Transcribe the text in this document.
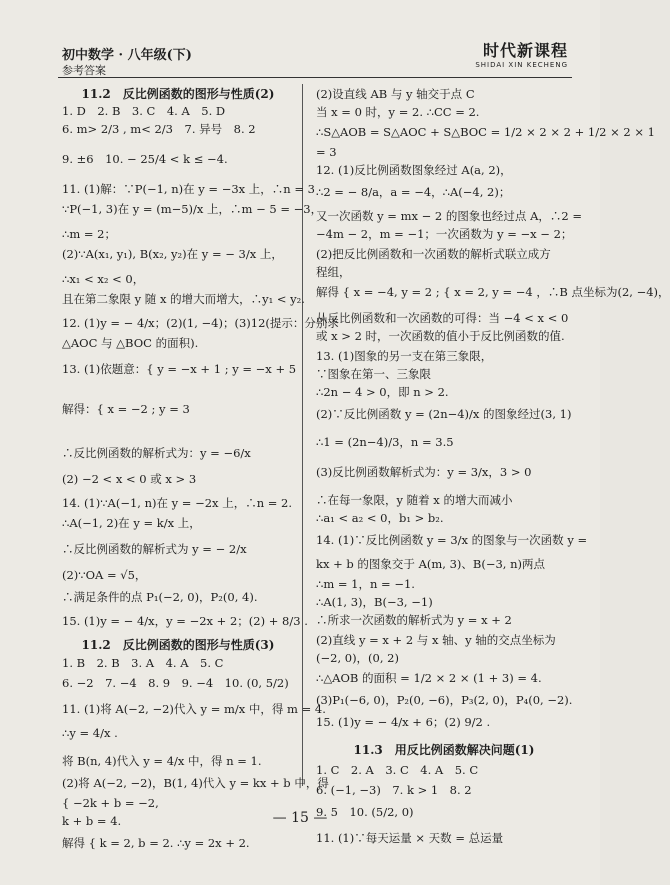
初中数学 · 八年级(下)
参考答案
时代新课程
SHIDAI XIN KECHENG
11.2　反比例函数的图形与性质(2)
1. D　2. B　3. C　4. A　5. D
6. m> 2/3 , m< 2/3　7. 异号　8. 2
9. ±6　10. − 25/4 < k ≤ −4.
11. (1)解：∵P(−1, n)在 y = −3x 上，∴n = 3
∵P(−1, 3)在 y = (m−5)/x 上，∴m − 5 = −3，
∴m = 2；
(2)∵A(x₁, y₁), B(x₂, y₂)在 y = − 3/x 上，
∴x₁ < x₂ < 0，
且在第二象限 y 随 x 的增大而增大，∴y₁ < y₂.
12. (1)y = − 4/x；(2)(1, −4)；(3)12(提示：分别求
△AOC 与 △BOC 的面积).
13. (1)依题意：{ y = −x + 1 ; y = −x + 5
解得：{ x = −2 ; y = 3
∴反比例函数的解析式为：y = −6/x
(2) −2 < x < 0 或 x > 3
14. (1)∵A(−1, n)在 y = −2x 上，∴n = 2.
∴A(−1, 2)在 y = k/x 上，
∴反比例函数的解析式为 y = − 2/x
(2)∵OA = √5，
∴满足条件的点 P₁(−2, 0)，P₂(0, 4).
15. (1)y = − 4/x，y = −2x + 2；(2) + 8/3 .
11.2　反比例函数的图形与性质(3)
1. B　2. B　3. A　4. A　5. C
6. −2　7. −4　8. 9　9. −4　10. (0, 5/2)
11. (1)将 A(−2, −2)代入 y = m/x 中，得 m = 4.
∴y = 4/x .
将 B(n, 4)代入 y = 4/x 中，得 n = 1.
(2)将 A(−2, −2)，B(1, 4)代入 y = kx + b 中，得
{ −2k + b = −2,
k + b = 4.
解得 { k = 2, b = 2. ∴y = 2x + 2.
(2)设直线 AB 与 y 轴交于点 C
当 x = 0 时，y = 2. ∴CC = 2.
∴S△AOB = S△AOC + S△BOC = 1/2 × 2 × 2 + 1/2 × 2 × 1
= 3
12. (1)反比例函数图象经过 A(a, 2)，
∴2 = − 8/a，a = −4，∴A(−4, 2)；
又一次函数 y = mx − 2 的图象也经过点 A，∴2 =
−4m − 2，m = −1；一次函数为 y = −x − 2；
(2)把反比例函数和一次函数的解析式联立成方
程组，
解得 { x = −4, y = 2 ; { x = 2, y = −4 ，∴B 点坐标为(2, −4)，
从反比例函数和一次函数的可得：当 −4 < x < 0
或 x > 2 时，一次函数的值小于反比例函数的值.
13. (1)图象的另一支在第三象限，
∵图象在第一、三象限
∴2n − 4 > 0，即 n > 2.
(2)∵反比例函数 y = (2n−4)/x 的图象经过(3, 1)
∴1 = (2n−4)/3，n = 3.5
(3)反比例函数解析式为：y = 3/x，3 > 0
∴在每一象限，y 随着 x 的增大而减小
∴a₁ < a₂ < 0，b₁ > b₂.
14. (1)∵反比例函数 y = 3/x 的图象与一次函数 y =
kx + b 的图象交于 A(m, 3)、B(−3, n)两点
∴m = 1，n = −1.
∴A(1, 3)，B(−3, −1)
∴所求一次函数的解析式为 y = x + 2
(2)直线 y = x + 2 与 x 轴、y 轴的交点坐标为
(−2, 0)，(0, 2)
∴△AOB 的面积 = 1/2 × 2 × (1 + 3) = 4.
(3)P₁(−6, 0)，P₂(0, −6)，P₃(2, 0)，P₄(0, −2).
15. (1)y = − 4/x + 6；(2) 9/2 .
11.3　用反比例函数解决问题(1)
1. C　2. A　3. C　4. A　5. C
6. (−1, −3)　7. k > 1　8. 2
9. 5　10. (5/2, 0)
11. (1)∵每天运量 × 天数 = 总运量
— 15 —
